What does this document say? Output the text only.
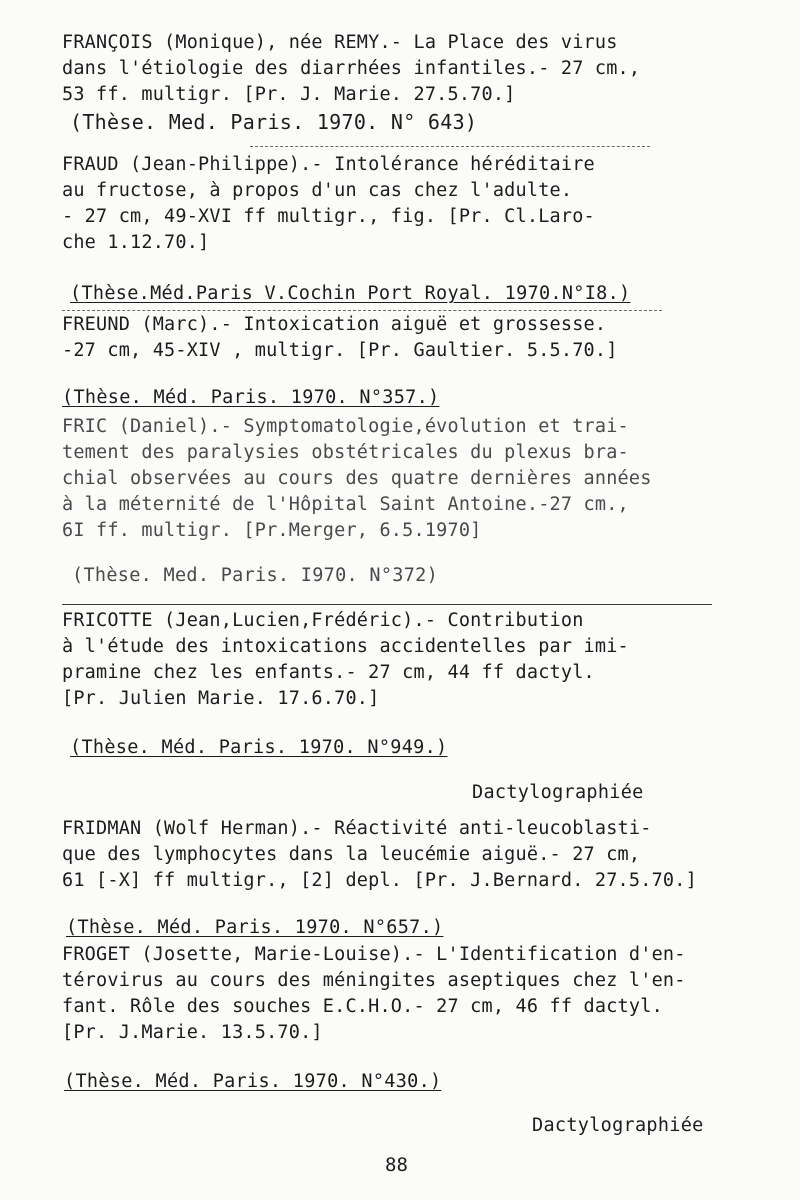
FRANÇOIS (Monique), née REMY.- La Place des virus
dans l'étiologie des diarrhées infantiles.- 27 cm.,
53 ff. multigr. [Pr. J. Marie. 27.5.70.]
(Thèse. Med. Paris. 1970. N° 643)
FRAUD (Jean-Philippe).- Intolérance héréditaire
au fructose, à propos d'un cas chez l'adulte.
- 27 cm, 49-XVI ff multigr., fig. [Pr. Cl.Laro-
che 1.12.70.]
(Thèse.Méd.Paris V.Cochin Port Royal. 1970.N°I8.)
FREUND (Marc).- Intoxication aiguë et grossesse.
-27 cm, 45-XIV , multigr. [Pr. Gaultier. 5.5.70.]
(Thèse. Méd. Paris. 1970. N°357.)
FRIC (Daniel).- Symptomatologie,évolution et trai-
tement des paralysies obstétricales du plexus bra-
chial observées au cours des quatre dernières années
à la méternité de l'Hôpital Saint Antoine.-27 cm.,
6I ff. multigr. [Pr.Merger, 6.5.1970]
(Thèse. Med. Paris. I970. N°372)
FRICOTTE (Jean,Lucien,Frédéric).- Contribution
à l'étude des intoxications accidentelles par imi-
pramine chez les enfants.- 27 cm, 44 ff dactyl.
[Pr. Julien Marie. 17.6.70.]
(Thèse. Méd. Paris. 1970. N°949.)
Dactylographiée
FRIDMAN (Wolf Herman).- Réactivité anti-leucoblasti-
que des lymphocytes dans la leucémie aiguë.- 27 cm,
61 [-X] ff multigr., [2] depl. [Pr. J.Bernard. 27.5.70.]
(Thèse. Méd. Paris. 1970. N°657.)
FROGET (Josette, Marie-Louise).- L'Identification d'en-
térovirus au cours des méningites aseptiques chez l'en-
fant. Rôle des souches E.C.H.O.- 27 cm, 46 ff dactyl.
[Pr. J.Marie. 13.5.70.]
(Thèse. Méd. Paris. 1970. N°430.)
Dactylographiée
88
